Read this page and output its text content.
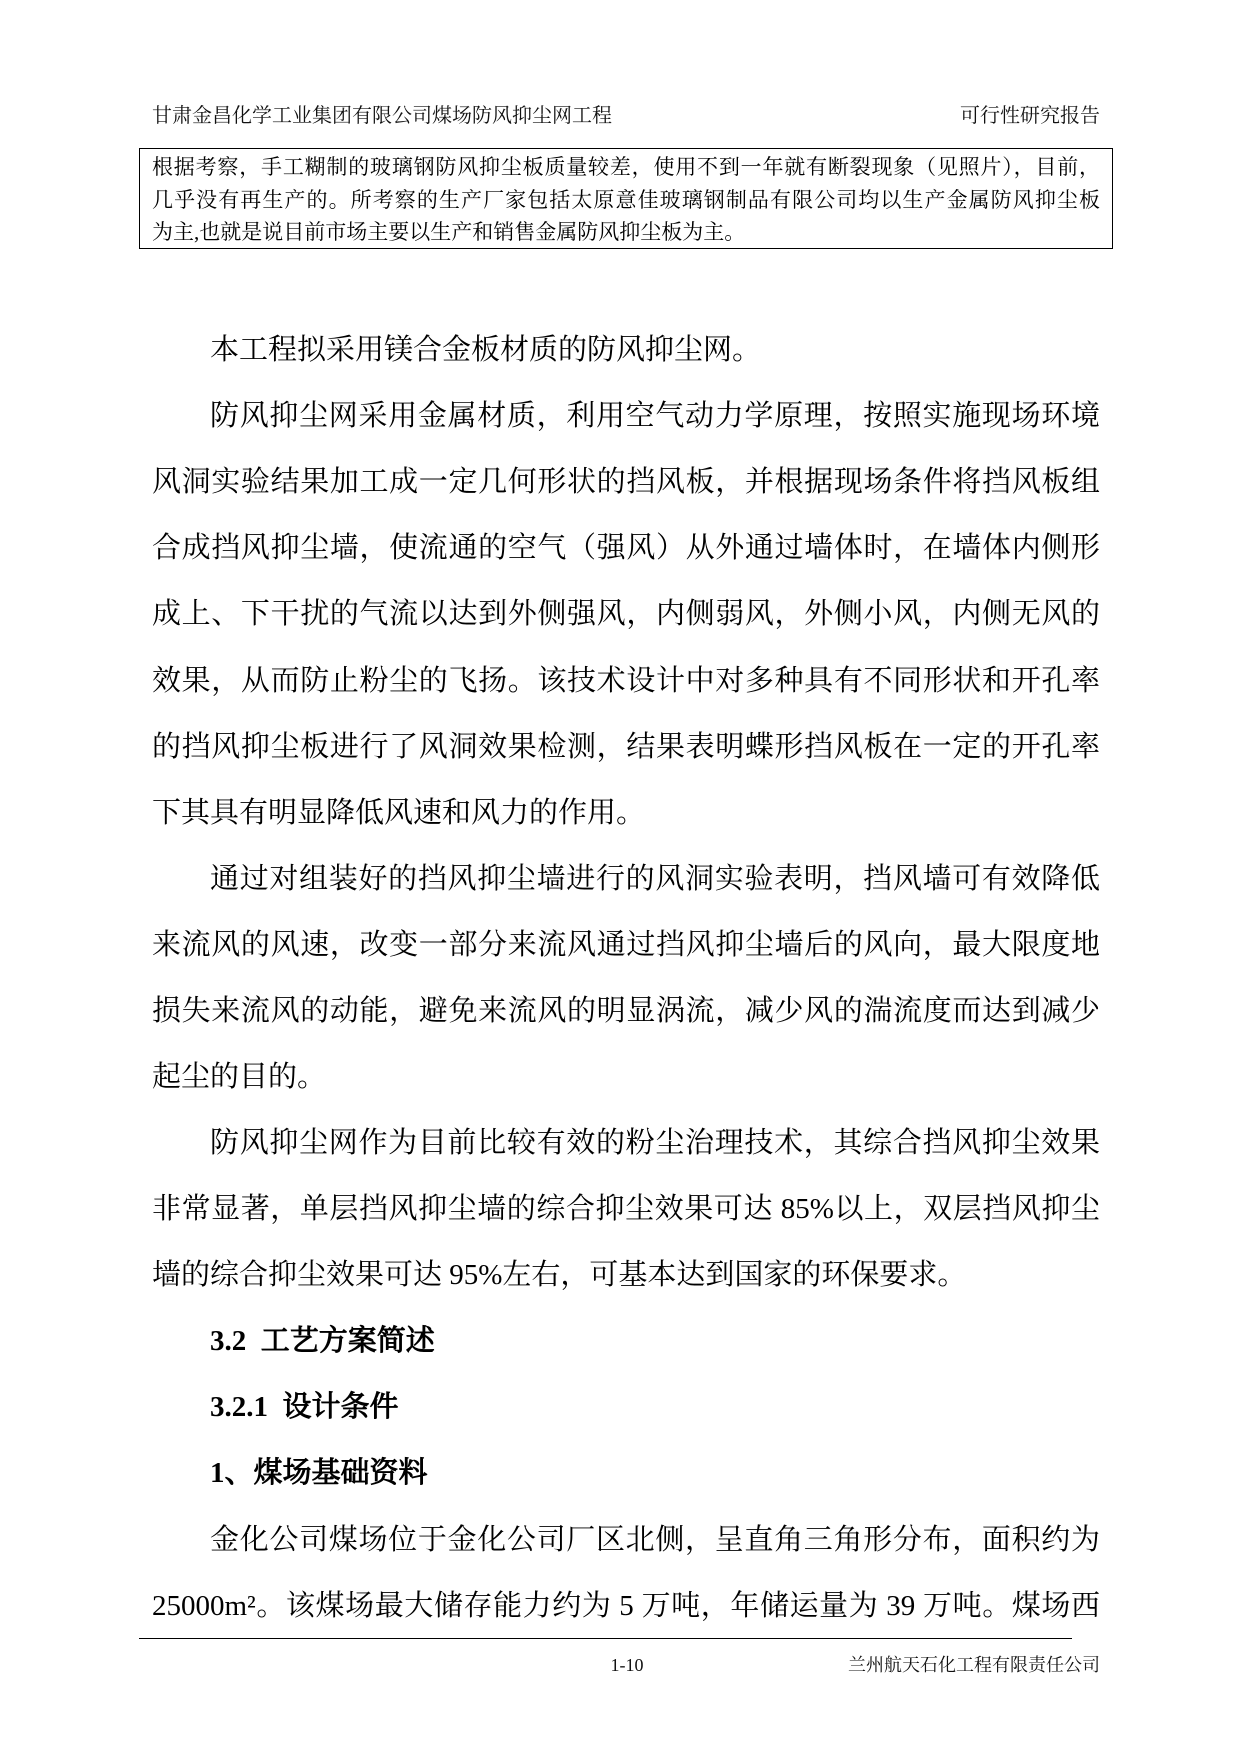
甘肃金昌化学工业集团有限公司煤场防风抑尘网工程	可行性研究报告
根据考察，手工糊制的玻璃钢防风抑尘板质量较差，使用不到一年就有断裂现象（见照片），目前，
几乎没有再生产的。所考察的生产厂家包括太原意佳玻璃钢制品有限公司均以生产金属防风抑尘板
为主,也就是说目前市场主要以生产和销售金属防风抑尘板为主。
本工程拟采用镁合金板材质的防风抑尘网。
防风抑尘网采用金属材质，利用空气动力学原理，按照实施现场环境
风洞实验结果加工成一定几何形状的挡风板，并根据现场条件将挡风板组
合成挡风抑尘墙，使流通的空气（强风）从外通过墙体时，在墙体内侧形
成上、下干扰的气流以达到外侧强风，内侧弱风，外侧小风，内侧无风的
效果，从而防止粉尘的飞扬。该技术设计中对多种具有不同形状和开孔率
的挡风抑尘板进行了风洞效果检测，结果表明蝶形挡风板在一定的开孔率
下其具有明显降低风速和风力的作用。
通过对组装好的挡风抑尘墙进行的风洞实验表明，挡风墙可有效降低
来流风的风速，改变一部分来流风通过挡风抑尘墙后的风向，最大限度地
损失来流风的动能，避免来流风的明显涡流，减少风的湍流度而达到减少
起尘的目的。
防风抑尘网作为目前比较有效的粉尘治理技术，其综合挡风抑尘效果
非常显著，单层挡风抑尘墙的综合抑尘效果可达 85%以上，双层挡风抑尘
墙的综合抑尘效果可达 95%左右，可基本达到国家的环保要求。
3.2  工艺方案简述
3.2.1  设计条件
1、煤场基础资料
金化公司煤场位于金化公司厂区北侧，呈直角三角形分布，面积约为
25000m²。该煤场最大储存能力约为 5 万吨，年储运量为 39 万吨。煤场西
1-10	兰州航天石化工程有限责任公司
